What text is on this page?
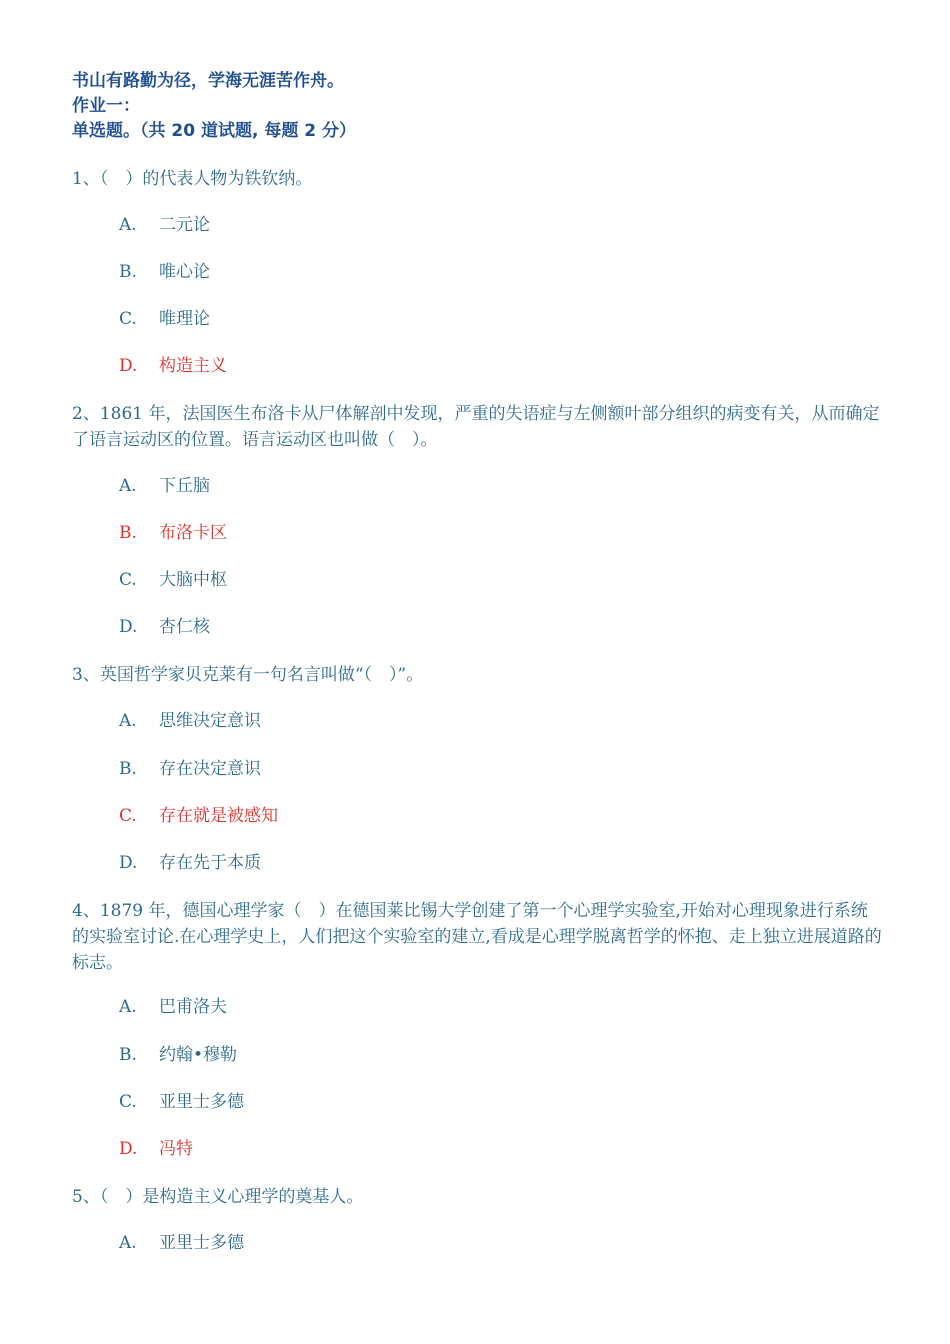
书山有路勤为径，学海无涯苦作舟。
作业一：
单选题。（共 20 道试题, 每题 2 分）
1、（　）的代表人物为铁钦纳。
A. 二元论
B. 唯心论
C. 唯理论
D. 构造主义
2、1861 年，法国医生布洛卡从尸体解剖中发现，严重的失语症与左侧额叶部分组织的病变有关，从而确定了语言运动区的位置。语言运动区也叫做（　）。
A. 下丘脑
B. 布洛卡区
C. 大脑中枢
D. 杏仁核
3、英国哲学家贝克莱有一句名言叫做“（　）”。
A. 思维决定意识
B. 存在决定意识
C. 存在就是被感知
D. 存在先于本质
4、1879 年，德国心理学家（　）在德国莱比锡大学创建了第一个心理学实验室,开始对心理现象进行系统的实验室讨论.在心理学史上，人们把这个实验室的建立,看成是心理学脱离哲学的怀抱、走上独立进展道路的标志。
A. 巴甫洛夫
B. 约翰•穆勒
C. 亚里士多德
D. 冯特
5、（　）是构造主义心理学的奠基人。
A. 亚里士多德
